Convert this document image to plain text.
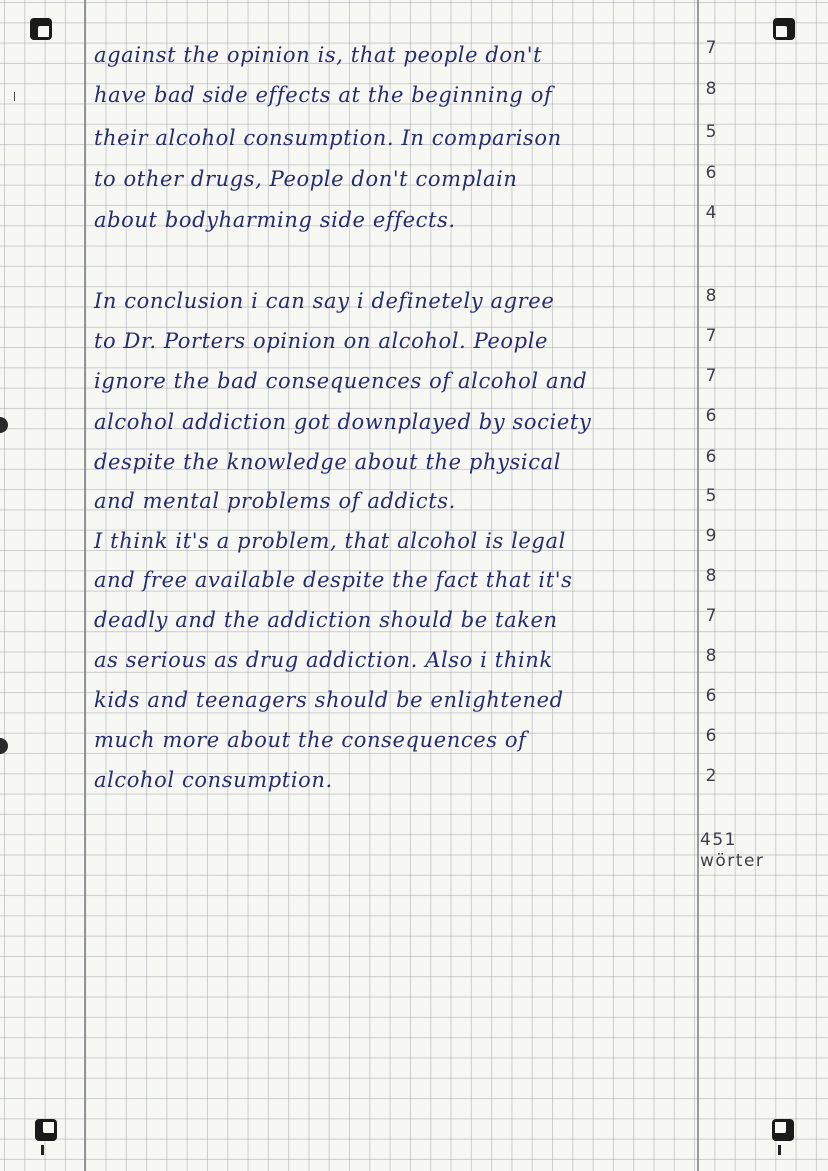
against the opinion is, that people don't
have bad side effects at the beginning of
their alcohol consumption. In comparison
to other drugs, People don't complain
about bodyharming side effects.
In conclusion i can say i definetely agree
to Dr. Porters opinion on alcohol. People
ignore the bad consequences of alcohol and
alcohol addiction got downplayed by society
despite the knowledge about the physical
and mental problems of addicts.
I think it's a problem, that alcohol is legal
and free available despite the fact that it's
deadly and the addiction should be taken
as serious as drug addiction. Also i think
kids and teenagers should be enlightened
much more about the consequences of
alcohol consumption.
7
8
5
6
4
8
7
7
6
6
5
9
8
7
8
6
6
2
451
wörter
